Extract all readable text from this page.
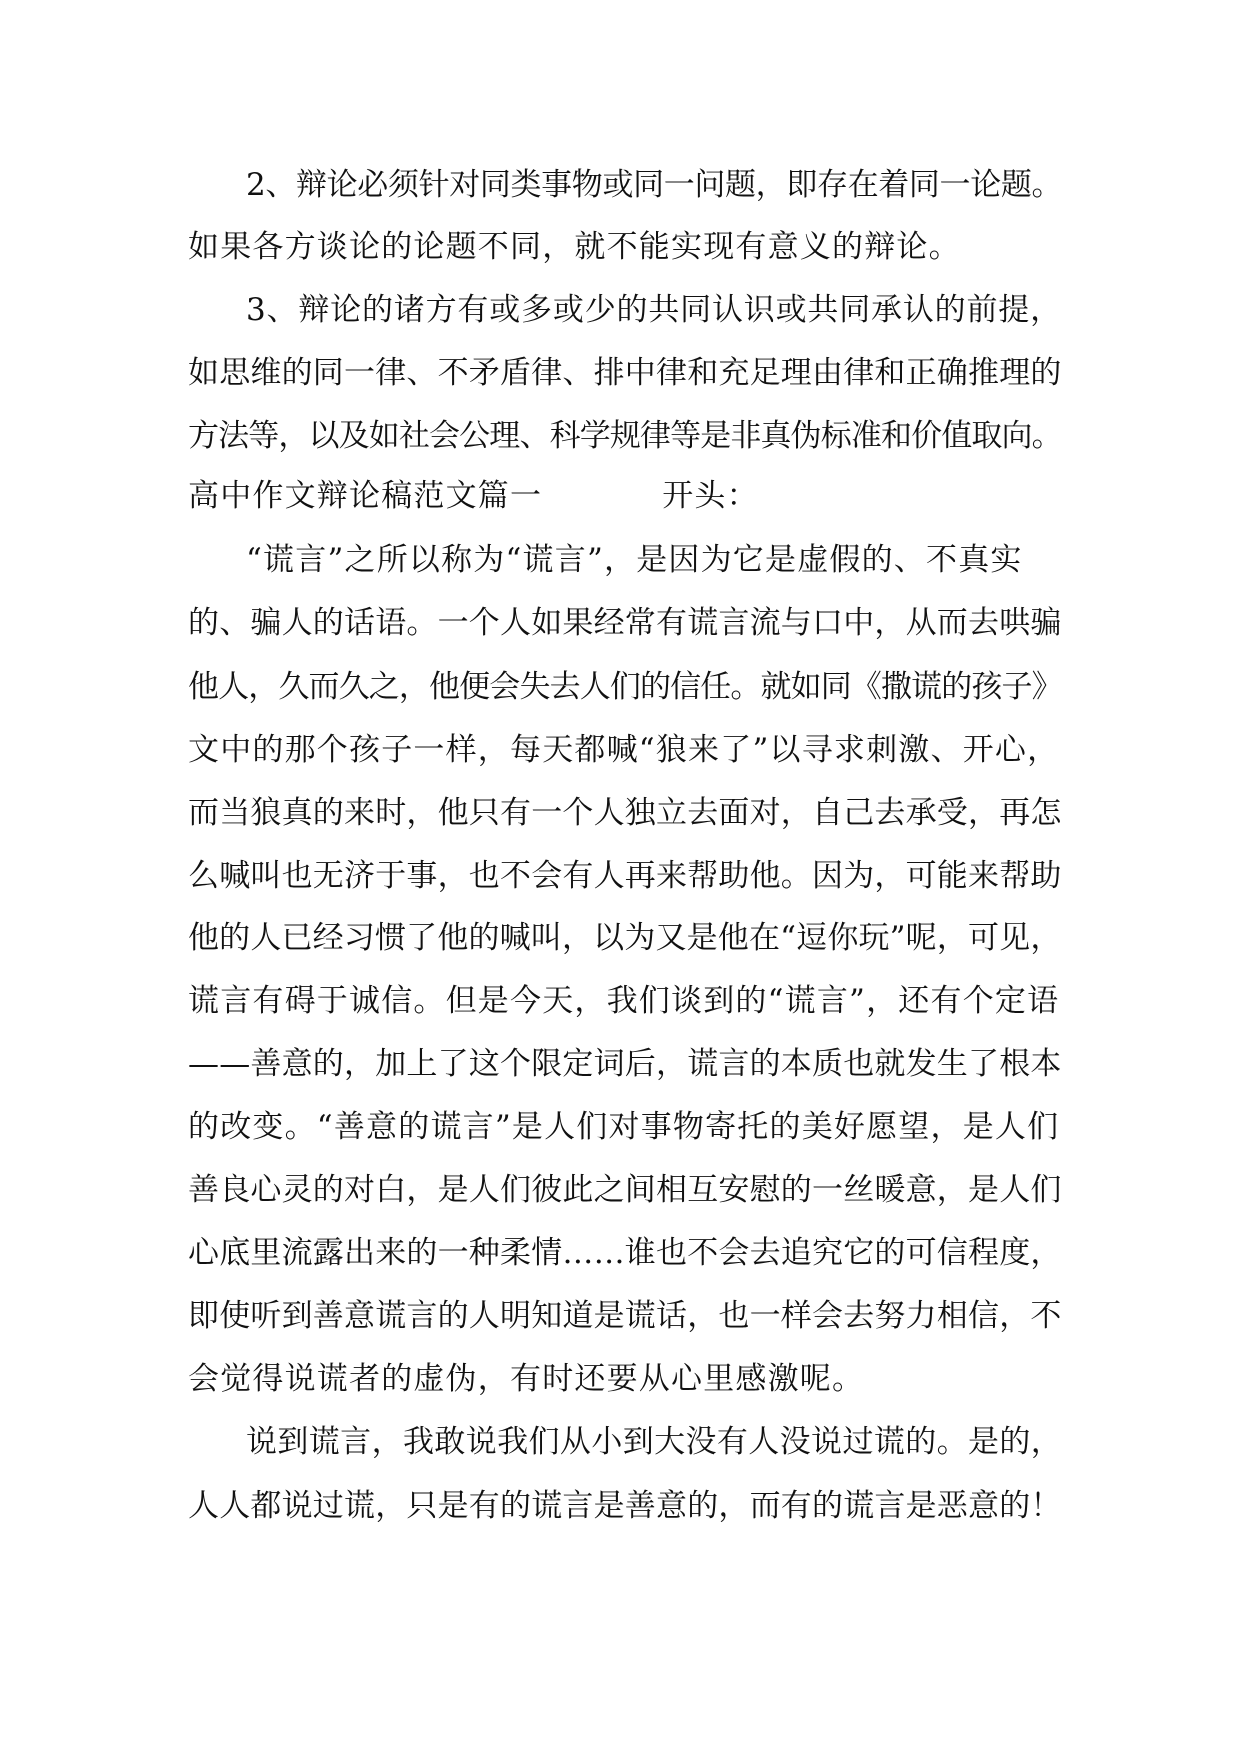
2、辩论必须针对同类事物或同一问题，即存在着同一论题。

如果各方谈论的论题不同，就不能实现有意义的辩论。

3、辩论的诸方有或多或少的共同认识或共同承认的前提，

如思维的同一律、不矛盾律、排中律和充足理由律和正确推理的

方法等，以及如社会公理、科学规律等是非真伪标准和价值取向。

高中作文辩论稿范文篇一	开头：

“谎言”之所以称为“谎言”，是因为它是虚假的、不真实

的、骗人的话语。一个人如果经常有谎言流与口中，从而去哄骗

他人，久而久之，他便会失去人们的信任。就如同《撒谎的孩子》

文中的那个孩子一样，每天都喊“狼来了”以寻求刺激、开心，

而当狼真的来时，他只有一个人独立去面对，自己去承受，再怎

么喊叫也无济于事，也不会有人再来帮助他。因为，可能来帮助

他的人已经习惯了他的喊叫，以为又是他在“逗你玩”呢，可见，

谎言有碍于诚信。但是今天，我们谈到的“谎言”，还有个定语

——善意的，加上了这个限定词后，谎言的本质也就发生了根本

的改变。“善意的谎言”是人们对事物寄托的美好愿望，是人们

善良心灵的对白，是人们彼此之间相互安慰的一丝暖意，是人们

心底里流露出来的一种柔情……谁也不会去追究它的可信程度，

即使听到善意谎言的人明知道是谎话，也一样会去努力相信，不

会觉得说谎者的虚伪，有时还要从心里感激呢。

说到谎言，我敢说我们从小到大没有人没说过谎的。是的，

人人都说过谎，只是有的谎言是善意的，而有的谎言是恶意的！
